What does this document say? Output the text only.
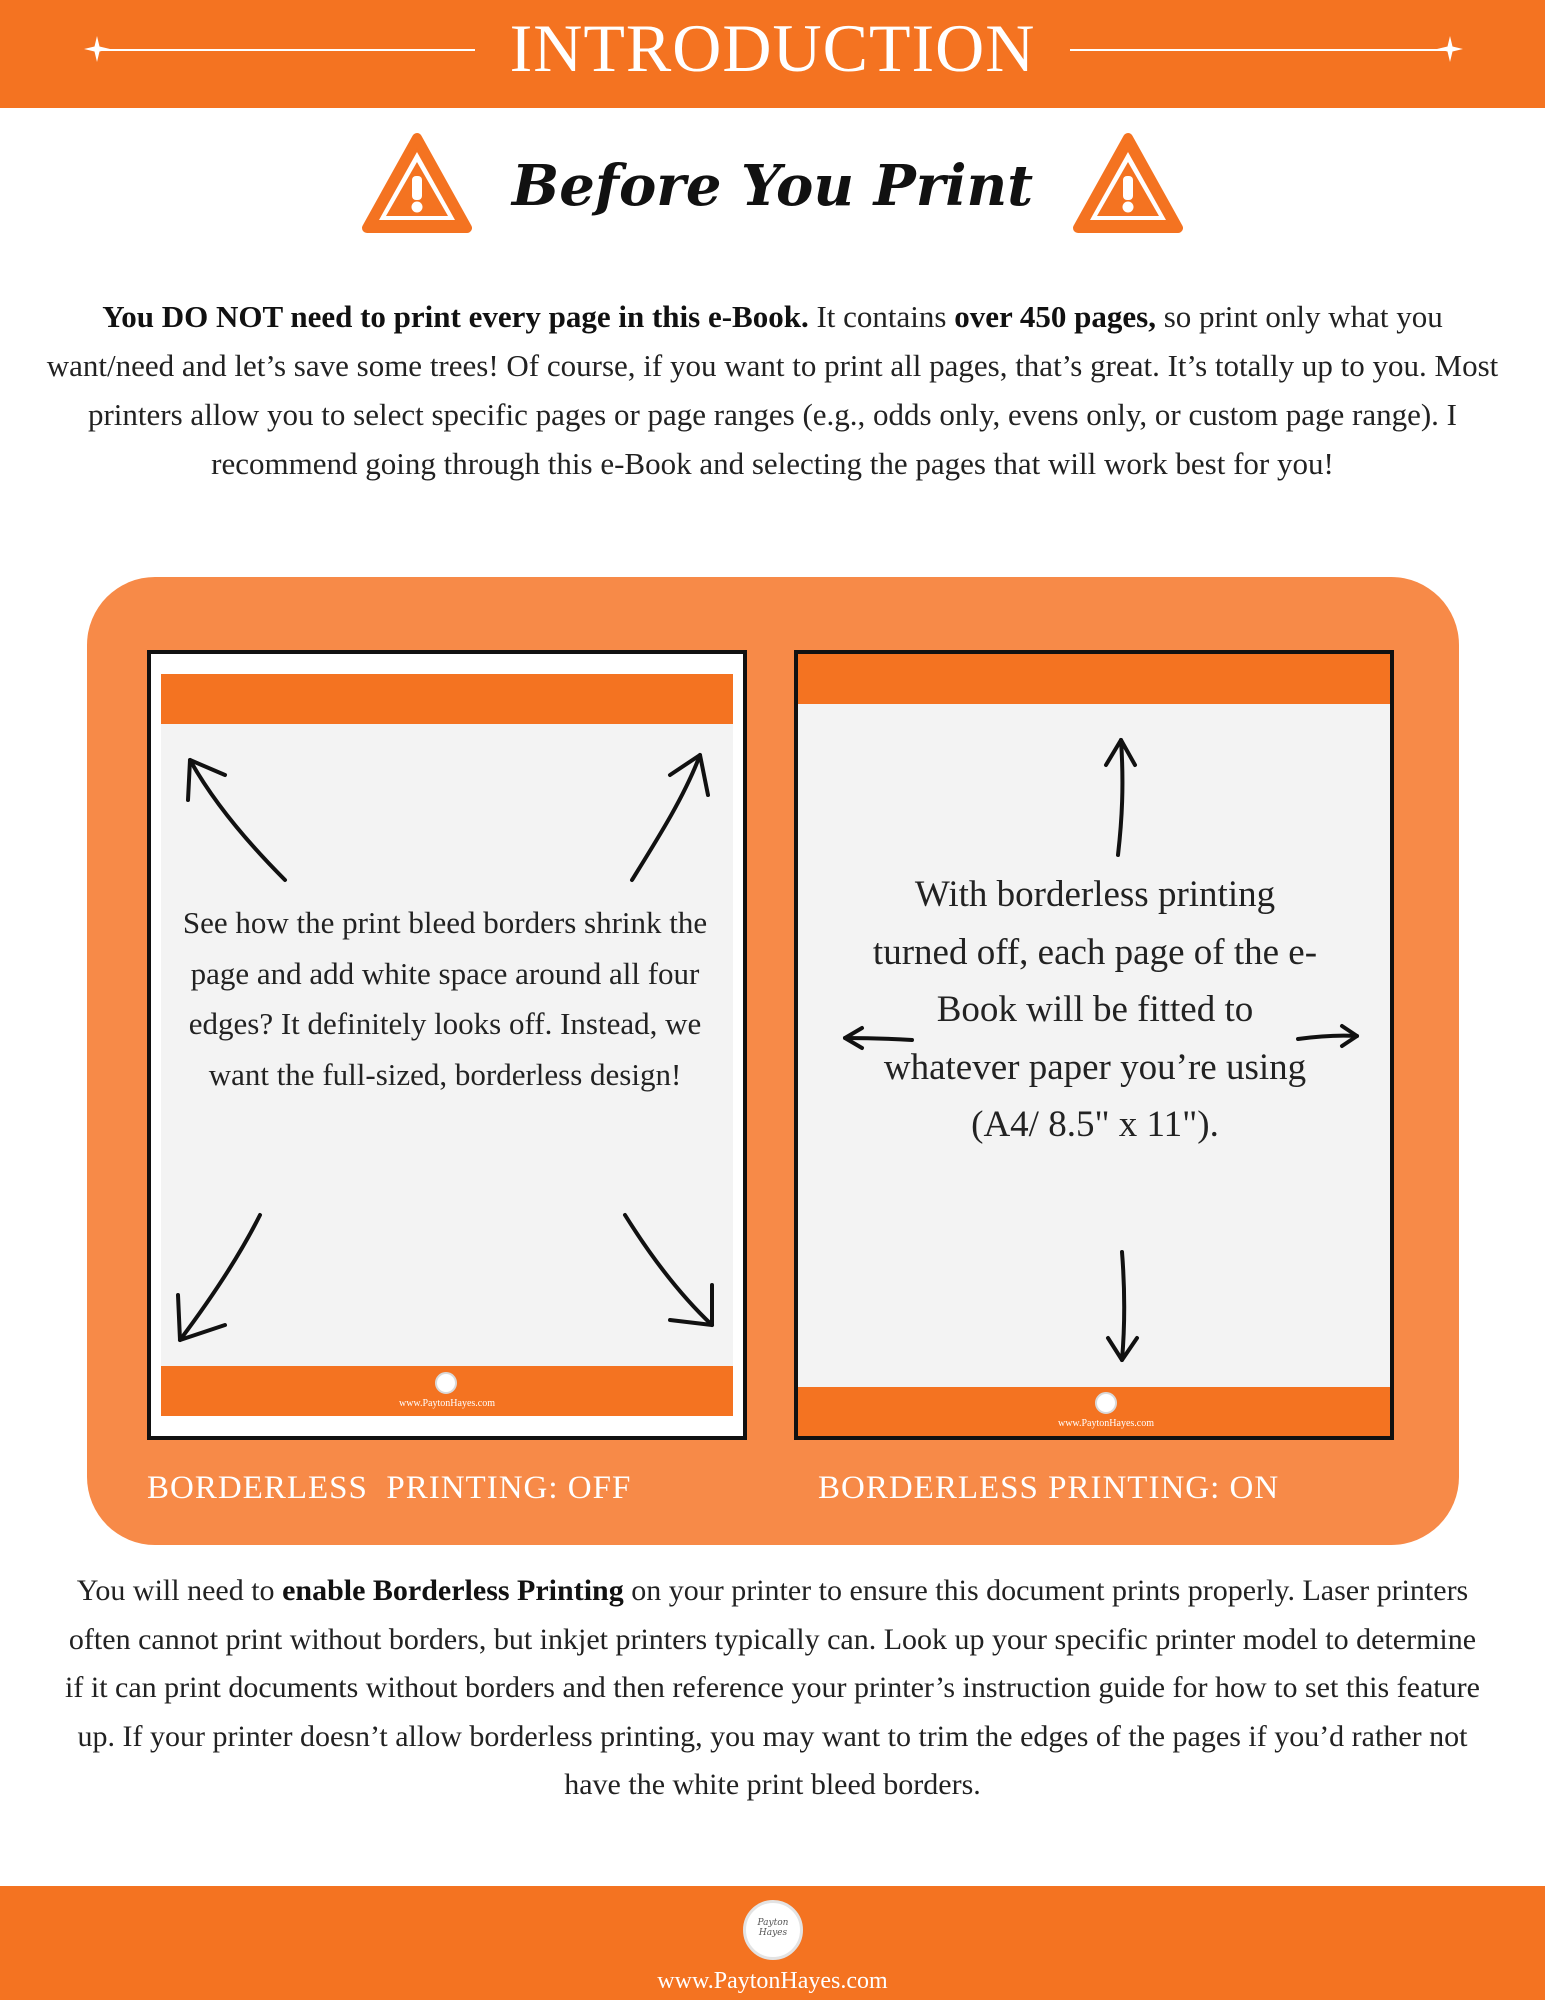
INTRODUCTION
Before You Print
You DO NOT need to print every page in this e-Book. It contains over 450 pages, so print only what you want/need and let’s save some trees! Of course, if you want to print all pages, that’s great. It’s totally up to you. Most printers allow you to select specific pages or page ranges (e.g., odds only, evens only, or custom page range). I recommend going through this e-Book and selecting the pages that will work best for you!
www.PaytonHayes.com
See how the print bleed borders shrink the page and add white space around all four edges? It definitely looks off. Instead, we want the full-sized, borderless design!
www.PaytonHayes.com
With borderless printing turned off, each page of the e-Book will be fitted to whatever paper you’re using (A4/ 8.5" x 11").
BORDERLESS  PRINTING: OFF	BORDERLESS PRINTING: ON
You will need to enable Borderless Printing on your printer to ensure this document prints properly. Laser printers often cannot print without borders, but inkjet printers typically can. Look up your specific printer model to determine if it can print documents without borders and then reference your printer’s instruction guide for how to set this feature up. If your printer doesn’t allow borderless printing, you may want to trim the edges of the pages if you’d rather not have the white print bleed borders.
Payton Hayes
www.PaytonHayes.com
